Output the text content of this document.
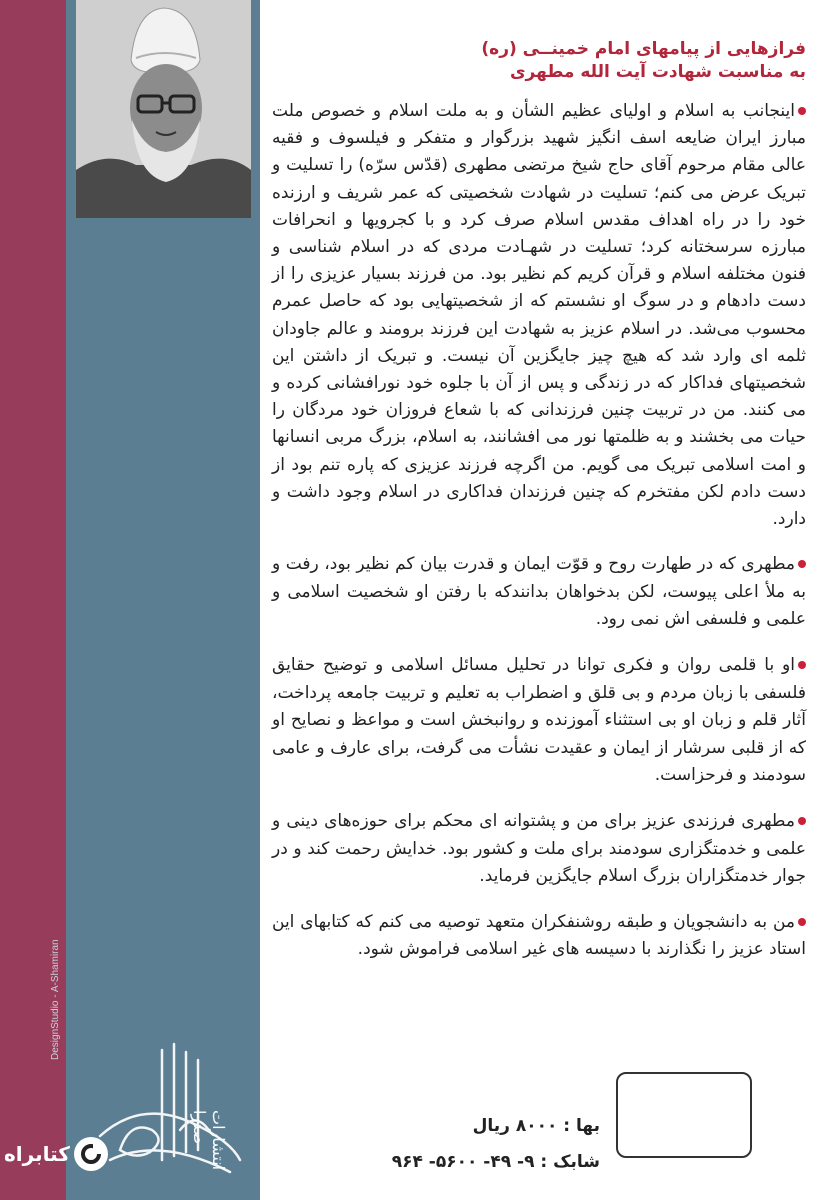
DesignStudio - A-Shamiran
انتشارات صدرا
کتابراه
فرازهایی از پیامهای امام خمینــی (ره)
به مناسبت شهادت آیت الله مطهری

اینجانب به اسلام و اولیای عظیم الشأن و به ملت اسلام و خصوص ملت مبارز ایران ضایعه اسف انگیز شهید بزرگوار و متفکر و فیلسوف و فقیه عالی مقام مرحوم آقای حاج شیخ مرتضی مطهری (قدّس سرّه) را تسلیت و تبریک عرض می کنم؛ تسلیت در شهادت شخصیتی که عمر شریف و ارزنده خود را در راه اهداف مقدس اسلام صرف کرد و با کجرویها و انحرافات مبارزه سرسختانه کرد؛ تسلیت در شهـادت مردی که در اسلام شناسی و فنون مختلفه اسلام و قرآن کریم کم نظیر بود. من فرزند بسیار عزیزی را از دست دادهام و در سوگ او نشستم که از شخصیتهایی بود که حاصل عمرم محسوب می‌شد. در اسلام عزیز به شهادت این فرزند برومند و عالم جاودان ثلمه ای وارد شد که هیچ چیز جایگزین آن نیست. و تبریک از داشتن این شخصیتهای فداکار که در زندگی و پس از آن با جلوه خود نورافشانی کرده و می کنند. من در تربیت چنین فرزندانی که با شعاع فروزان خود مردگان را حیات می بخشند و به ظلمتها نور می افشانند، به اسلام، بزرگ مربی انسانها و امت اسلامی تبریک می گویم. من اگرچه فرزند عزیزی که پاره تنم بود از دست دادم لکن مفتخرم که چنین فرزندان فداکاری در اسلام وجود داشت و دارد.

مطهری که در طهارت روح و قوّت ایمان و قدرت بیان کم نظیر بود، رفت و به ملأ اعلی پیوست، لکن بدخواهان بدانندکه با رفتن او شخصیت اسلامی و علمی و فلسفی اش نمی رود.

او با قلمی روان و فکری توانا در تحلیل مسائل اسلامی و توضیح حقایق فلسفی با زبان مردم و بی قلق و اضطراب به تعلیم و تربیت جامعه پرداخت، آثار قلم و زبان او بی استثناء آموزنده و روانبخش است و مواعظ و نصایح او که از قلبی سرشار از ایمان و عقیدت نشأت می گرفت، برای عارف و عامی سودمند و فرحزاست.

مطهری فرزندی عزیز برای من و پشتوانه ای محکم برای حوزه‌های دینی و علمی و خدمتگزاری سودمند برای ملت و کشور بود. خدایش رحمت کند و در جوار خدمتگزاران بزرگ اسلام جایگزین فرماید.

من به دانشجویان و طبقه روشنفکران متعهد توصیه می کنم که کتابهای این استاد عزیز را نگذارند با دسیسه های غیر اسلامی فراموش شود.

بها : ۸۰۰۰ ریال
شابک : ۹- ۴۹- ۵۶۰۰- ۹۶۴
